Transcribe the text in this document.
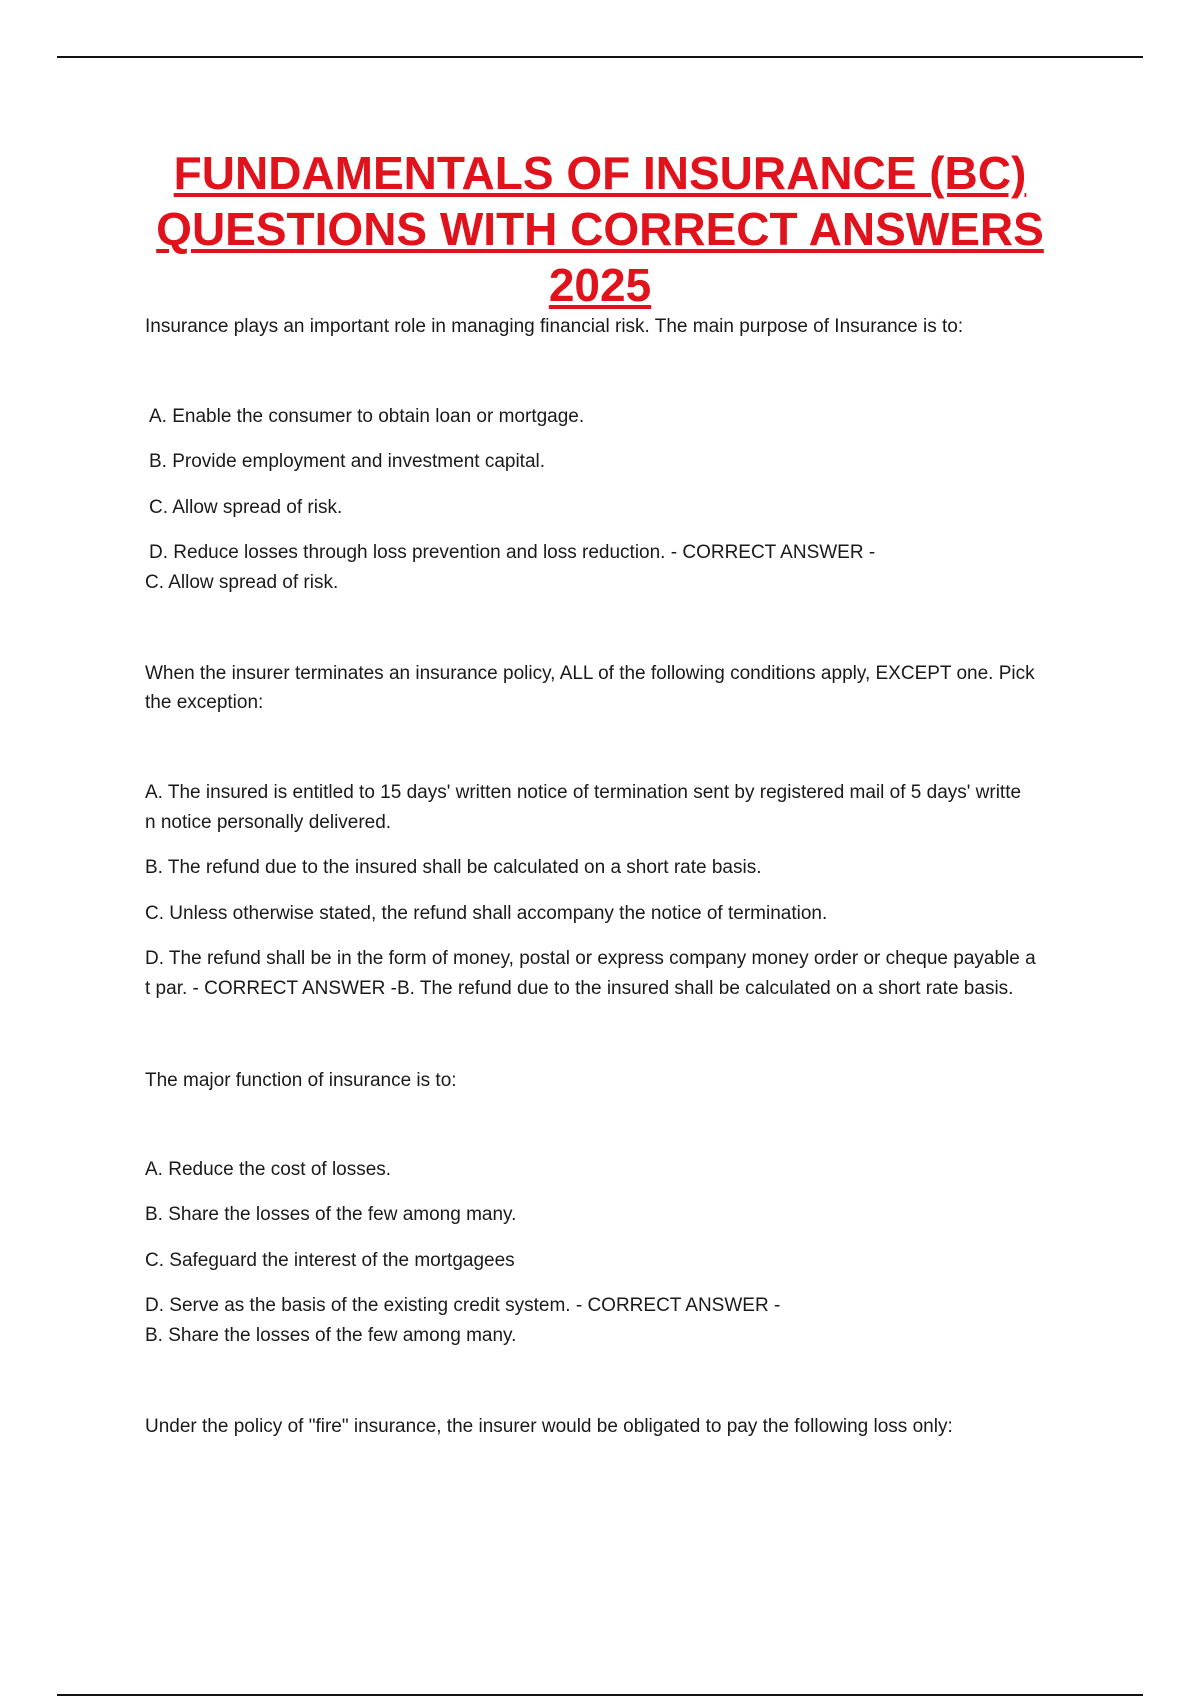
FUNDAMENTALS OF INSURANCE (BC)
QUESTIONS WITH CORRECT ANSWERS
2025

Insurance plays an important role in managing financial risk. The main purpose of Insurance is to:

A. Enable the consumer to obtain loan or mortgage.

B. Provide employment and investment capital.

C. Allow spread of risk.

D. Reduce losses through loss prevention and loss reduction. - CORRECT ANSWER -

C. Allow spread of risk.

When the insurer terminates an insurance policy, ALL of the following conditions apply, EXCEPT one. Pick

the exception:

A. The insured is entitled to 15 days' written notice of termination sent by registered mail of 5 days' writte

n notice personally delivered.

B. The refund due to the insured shall be calculated on a short rate basis.

C. Unless otherwise stated, the refund shall accompany the notice of termination.

D. The refund shall be in the form of money, postal or express company money order or cheque payable a

t par. - CORRECT ANSWER -B. The refund due to the insured shall be calculated on a short rate basis.

The major function of insurance is to:

A. Reduce the cost of losses.

B. Share the losses of the few among many.

C. Safeguard the interest of the mortgagees

D. Serve as the basis of the existing credit system. - CORRECT ANSWER -

B. Share the losses of the few among many.

Under the policy of "fire" insurance, the insurer would be obligated to pay the following loss only:
